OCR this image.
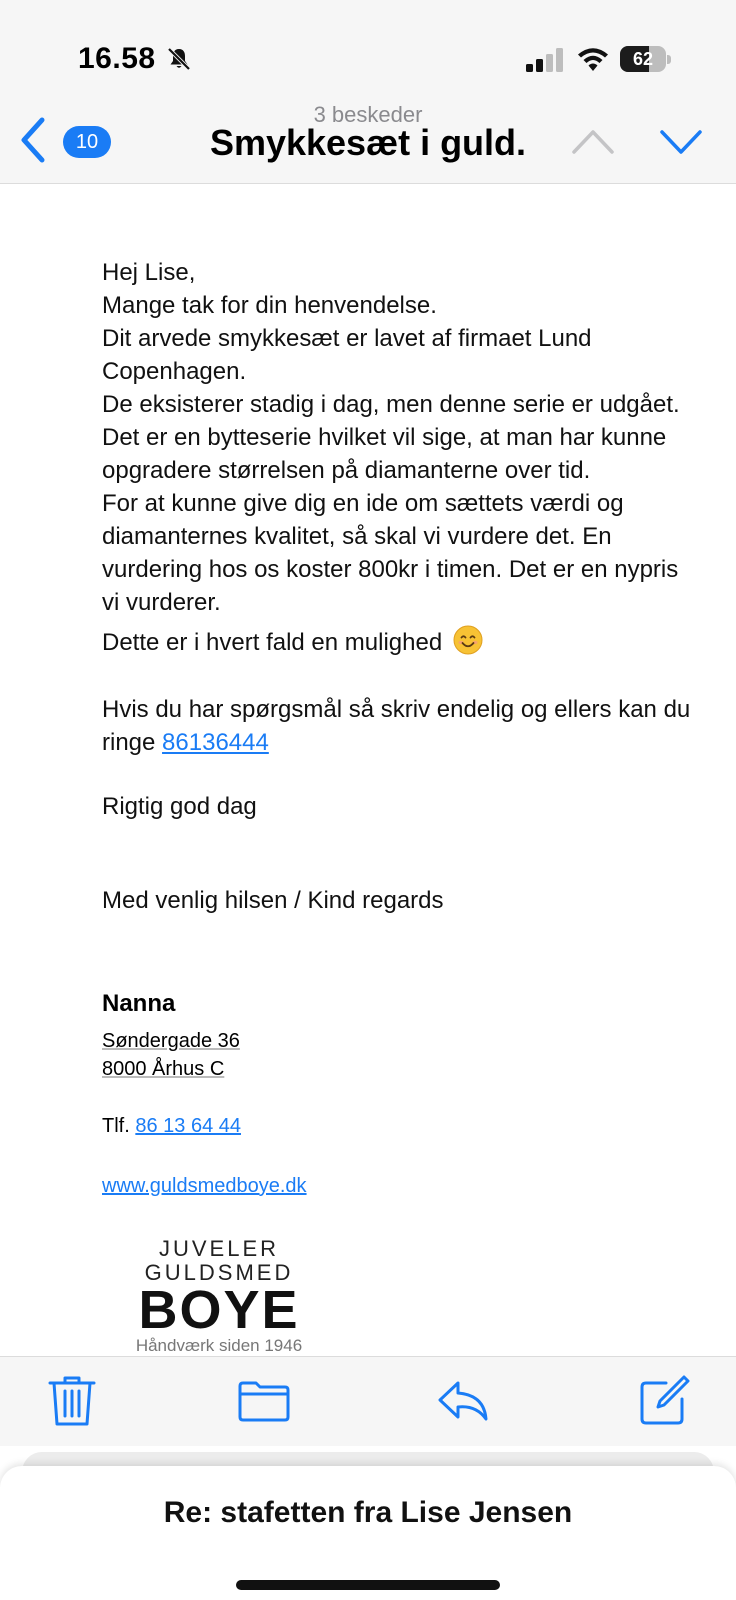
16.58	62
3 beskeder
Smykkesæt i guld.
10
Hej Lise,
Mange tak for din henvendelse.
Dit arvede smykkesæt er lavet af firmaet Lund Copenhagen.
De eksisterer stadig i dag, men denne serie er udgået. Det er en bytteserie hvilket vil sige, at man har kunne opgradere størrelsen på diamanterne over tid.
For at kunne give dig en ide om sættets værdi og diamanternes kvalitet, så skal vi vurdere det. En vurdering hos os koster 800kr i timen. Det er en nypris vi vurderer.
Dette er i hvert fald en mulighed
Hvis du har spørgsmål så skriv endelig og ellers kan du ringe 86136444
Rigtig god dag
Med venlig hilsen / Kind regards
Nanna
Søndergade 36
8000 Århus C
Tlf. 86 13 64 44
www.guldsmedboye.dk
JUVELER
GULDSMED
BOYE
Håndværk siden 1946
Re: stafetten fra Lise Jensen
